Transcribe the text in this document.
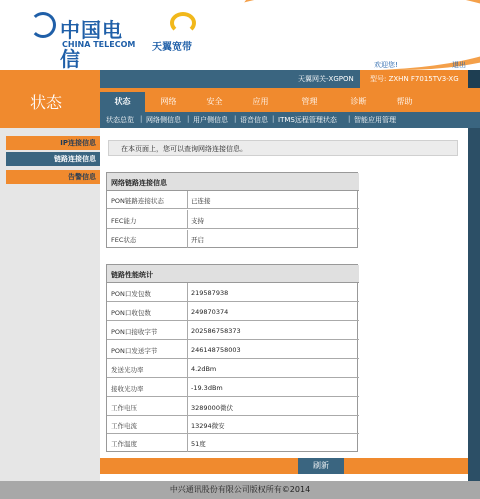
中国电信
CHINA TELECOM 天翼宽带
欢迎您!	退出
天翼网关-XGPON 型号: ZXHN F7015TV3-XG
状态	状态	网络	安全	应用	管理	诊断	帮助
状态总览 | 网络侧信息 | 用户侧信息 | 语音信息 | ITMS远程管理状态 | 智能应用管理
IP连接信息
链路连接信息
告警信息
在本页面上，您可以查询网络连接信息。
网络链路连接信息
PON链路连接状态	已连接
FEC能力	支持
FEC状态	开启
链路性能统计
PON口发包数	219587938
PON口收包数	249870374
PON口接收字节	202586758373
PON口发送字节	246148758003
发送光功率	4.2dBm
接收光功率	-19.3dBm
工作电压	3289000微伏
工作电流	13294微安
工作温度	51度
刷新
中兴通讯股份有限公司版权所有©2014
